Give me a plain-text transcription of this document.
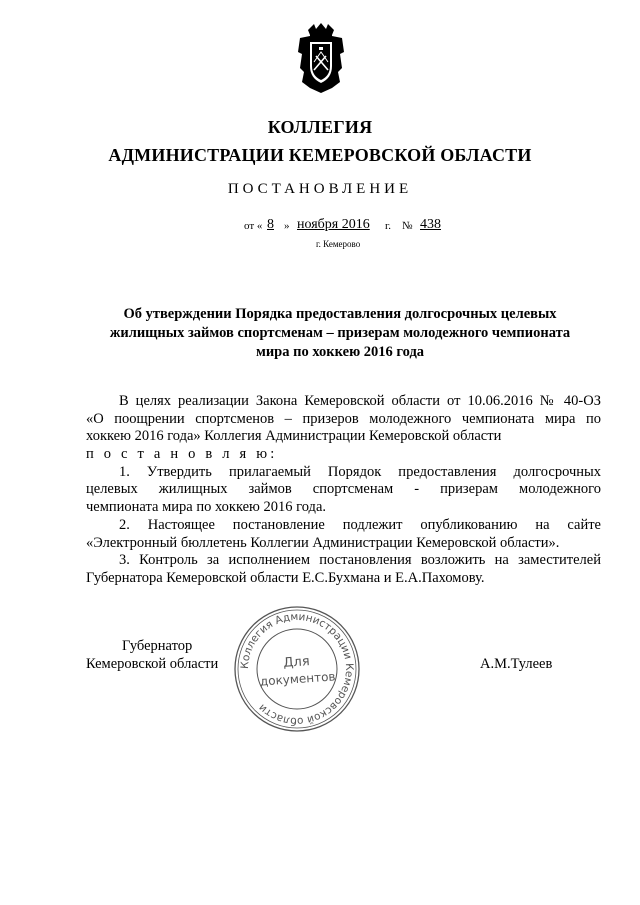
КОЛЛЕГИЯ
АДМИНИСТРАЦИИ КЕМЕРОВСКОЙ ОБЛАСТИ
ПОСТАНОВЛЕНИЕ
от « 8 » ноября 2016 г. № 438
г. Кемерово
Об утверждении Порядка предоставления долгосрочных целевых
жилищных займов спортсменам – призерам молодежного чемпионата
мира по хоккею 2016 года
В целях реализации Закона Кемеровской области от 10.06.2016 № 40-ОЗ
«О поощрении спортсменов – призеров молодежного чемпионата мира по
хоккею 2016 года» Коллегия Администрации Кемеровской области
п о с т а н о в л я ю:
1. Утвердить прилагаемый Порядок предоставления долгосрочных
целевых жилищных займов спортсменам - призерам молодежного
чемпионата мира по хоккею 2016 года.
2. Настоящее постановление подлежит опубликованию на сайте
«Электронный бюллетень Коллегии Администрации Кемеровской области».
3. Контроль за исполнением постановления возложить на заместителей
Губернатора Кемеровской области Е.С.Бухмана и Е.А.Пахомову.
Губернатор
Кемеровской области	А.М.Тулеев
Коллегия Администрации Кемеровской области
Для
документов
